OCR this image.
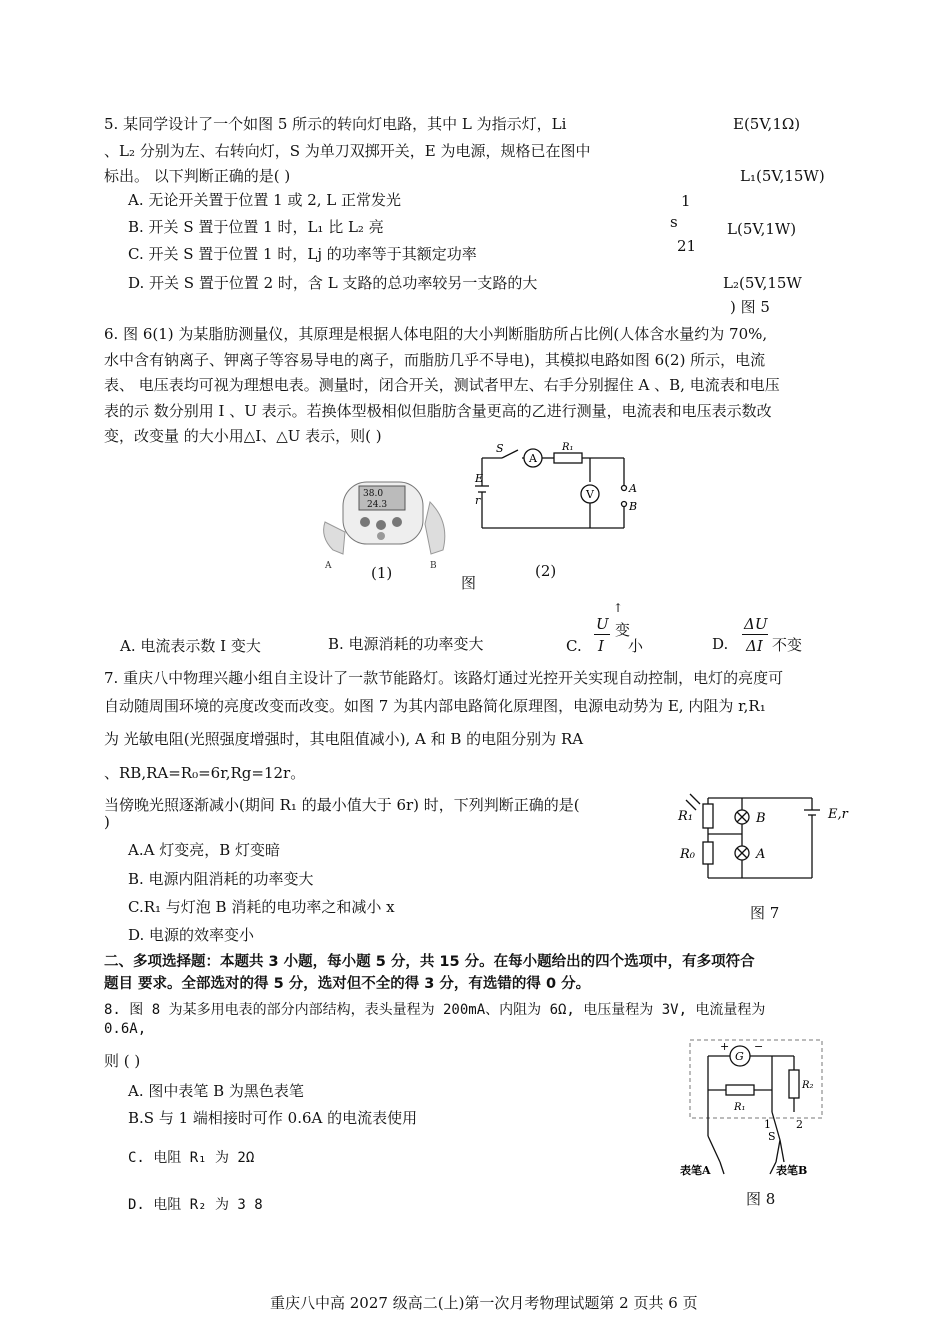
5. 某同学设计了一个如图 5 所示的转向灯电路，其中 L 为指示灯，Li
、L₂ 分别为左、右转向灯，S 为单刀双掷开关，E 为电源，规格已在图中
标出。 以下判断正确的是( )
A. 无论开关置于位置 1 或 2, L 正常发光
B. 开关 S 置于位置 1 时，L₁ 比 L₂ 亮
C. 开关 S 置于位置 1 时，Lj 的功率等于其额定功率
D. 开关 S 置于位置 2 时，含 L 支路的总功率较另一支路的大
E(5V,1Ω)
L₁(5V,15W)
1
s	L(5V,1W)
21
L₂(5V,15W
) 图 5
6. 图 6(1) 为某脂肪测量仪，其原理是根据人体电阻的大小判断脂肪所占比例(人体含水量约为 70%,
水中含有钠离子、钾离子等容易导电的离子，而脂肪几乎不导电)，其模拟电路如图 6(2) 所示，电流
表、 电压表均可视为理想电表。测量时，闭合开关，测试者甲左、右手分别握住 A 、B, 电流表和电压
表的示 数分别用 I 、U 表示。若换体型极相似但脂肪含量更高的乙进行测量，电流表和电压表示数改
变，改变量 的大小用△I、△U 表示，则( )
38.0
24.3
A	B
(1)	(2)
图
S
A
R₁
E
r	V	A
B
A. 电流表示数 I 变大	B. 电源消耗的功率变大	C.
U
I
↑
变
小	D.
ΔU
ΔI 不变
7. 重庆八中物理兴趣小组自主设计了一款节能路灯。该路灯通过光控开关实现自动控制，电灯的亮度可
自动随周围环境的亮度改变而改变。如图 7 为其内部电路简化原理图，电源电动势为 E, 内阻为 r,R₁
为 光敏电阻(光照强度增强时，其电阻值减小), A 和 B 的电阻分别为 RA
、RB,RA=R₀=6r,Rg=12r。
当傍晚光照逐渐减小(期间 R₁ 的最小值大于 6r) 时，下列判断正确的是(
)
A.A 灯变亮，B 灯变暗
B. 电源内阻消耗的功率变大
C.R₁ 与灯泡 B 消耗的电功率之和减小 x
D. 电源的效率变小
R₁	B	E,r
R₀	A
图 7
二、多项选择题：本题共 3 小题，每小题 5 分，共 15 分。在每小题给出的四个选项中，有多项符合
题目 要求。全部选对的得 5 分，选对但不全的得 3 分，有选错的得 0 分。
8. 图 8 为某多用电表的部分内部结构，表头量程为 200mA、内阻为 6Ω, 电压量程为 3V, 电流量程为
0.6A,
则 ( )
A. 图中表笔 B 为黑色表笔
B.S 与 1 端相接时可作 0.6A 的电流表使用
C. 电阻 R₁ 为 2Ω
D. 电阻 R₂ 为 3 8
+
G
−
R₁
R₂
1 2
S
表笔A	表笔B
图 8
重庆八中高 2027 级高二(上)第一次月考物理试题第 2 页共 6 页
